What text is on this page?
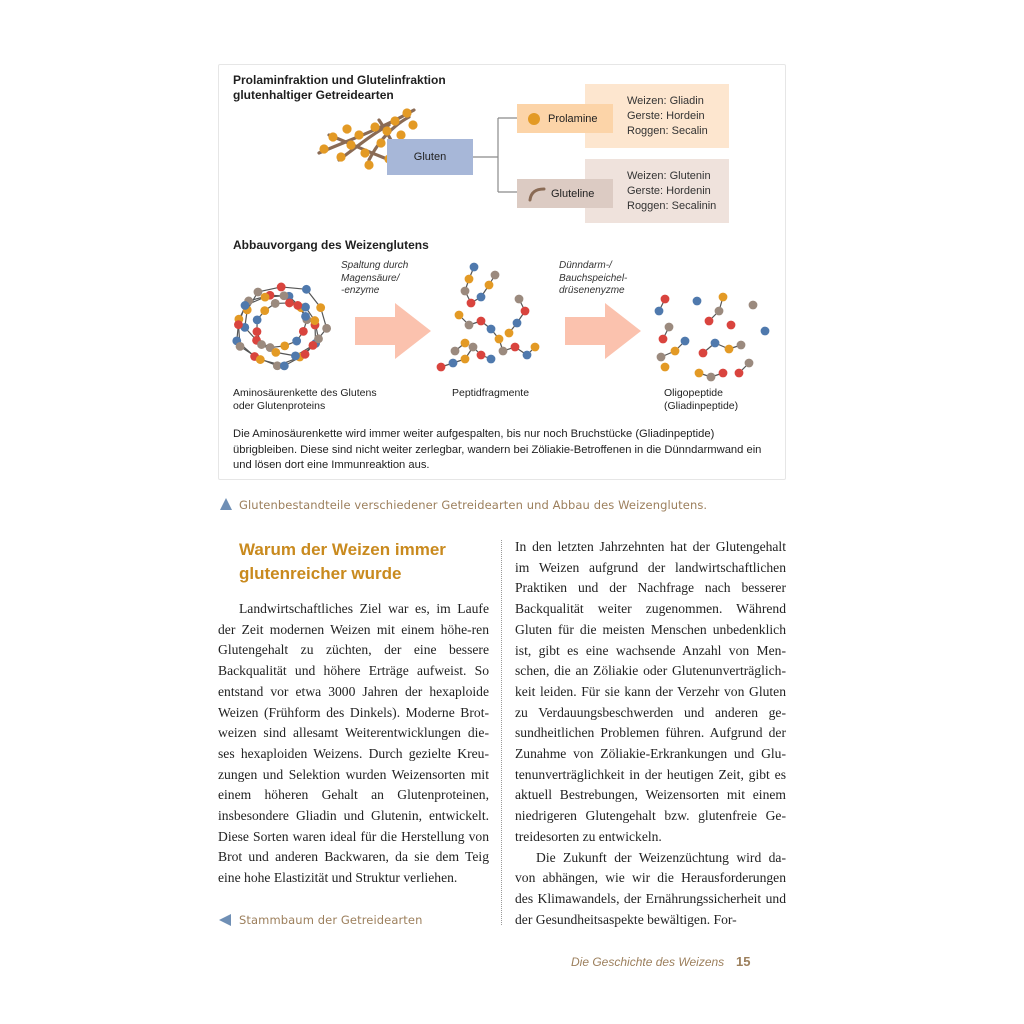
Prolaminfraktion und Glutelinfraktion
glutenhaltiger Getreidearten
Gluten
Weizen: Gliadin
Gerste: Hordein
Roggen: Secalin
Prolamine
Weizen: Glutenin
Gerste: Hordenin
Roggen: Secalinin
Gluteline
Abbauvorgang des Weizenglutens
Spaltung durch
Magensäure/
-enzyme
Dünndarm-/
Bauchspeichel-
drüsenenyzme
Aminosäurenkette des Glutens
oder Glutenproteins
Peptidfragmente	Oligopeptide
(Gliadinpeptide)
Die Aminosäurenkette wird immer weiter aufgespalten, bis nur noch Bruchstücke (Gliadinpeptide) übrigbleiben. Diese sind nicht weiter zerlegbar, wandern bei Zöliakie-Betroffenen in die Dünndarmwand ein und lösen dort eine Immunreaktion aus.
Glutenbestandteile verschiedener Getreidearten und Abbau des Weizenglutens.
Warum der Weizen immer
glutenreicher wurde

Landwirtschaftliches Ziel war es, im Laufe der Zeit modernen Weizen mit einem höhe-ren Glutengehalt zu züchten, der eine bessere Backqualität und höhere Erträge aufweist. So entstand vor etwa 3000 Jahren der hexaploide Weizen (Frühform des Dinkels). Moderne Brot-weizen sind allesamt Weiterentwicklungen die-ses hexaploiden Weizens. Durch gezielte Kreu-zungen und Selektion wurden Weizensorten mit einem höheren Gehalt an Glutenproteinen, insbesondere Gliadin und Glutenin, entwickelt. Diese Sorten waren ideal für die Herstellung von Brot und anderen Backwaren, da sie dem Teig eine hohe Elastizität und Struktur verliehen.

Stammbaum der Getreidearten

In den letzten Jahrzehnten hat der Glutengehalt im Weizen aufgrund der landwirtschaftlichen Praktiken und der Nachfrage nach besserer Backqualität weiter zugenommen. Während Gluten für die meisten Menschen unbedenklich ist, gibt es eine wachsende Anzahl von Men-schen, die an Zöliakie oder Glutenunverträglich-keit leiden. Für sie kann der Verzehr von Gluten zu Verdauungsbeschwerden und anderen ge-sundheitlichen Problemen führen. Aufgrund der Zunahme von Zöliakie-Erkrankungen und Glu-tenunverträglichkeit in der heutigen Zeit, gibt es aktuell Bestrebungen, Weizensorten mit einem niedrigeren Glutengehalt bzw. glutenfreie Ge-treidesorten zu entwickeln.

Die Zukunft der Weizenzüchtung wird da-von abhängen, wie wir die Herausforderungen des Klimawandels, der Ernährungssicherheit und der Gesundheitsaspekte bewältigen. For-

Die Geschichte des Weizens 15
